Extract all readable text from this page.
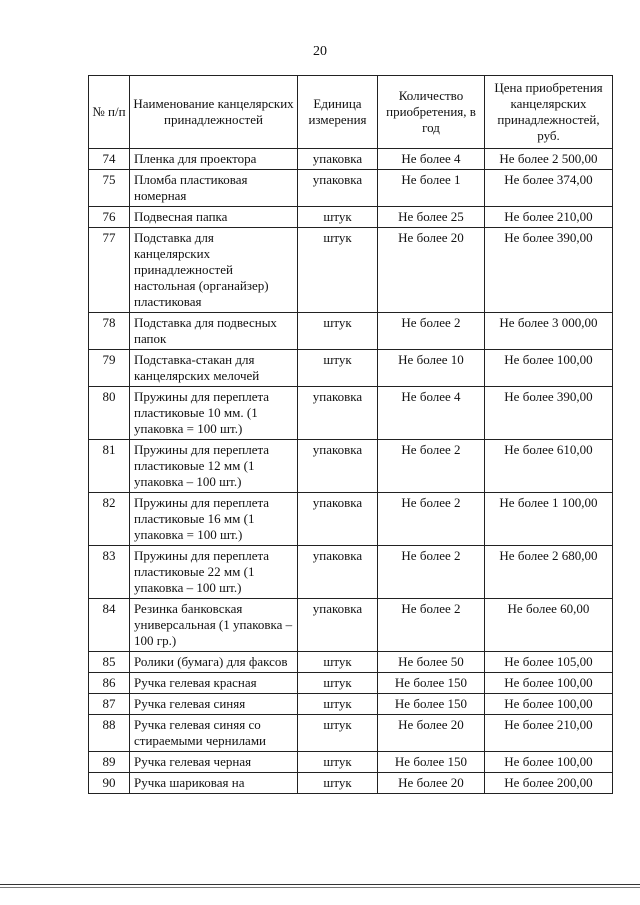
20
№ п/п	Наименование канцелярских принадлежностей	Единица измерения	Количество приобретения, в год	Цена приобретения канцелярских принадлежностей, руб.
74	Пленка для проектора	упаковка	Не более 4	Не более 2 500,00
75	Пломба пластиковая номерная	упаковка	Не более 1	Не более 374,00
76	Подвесная папка	штук	Не более 25	Не более 210,00
77	Подставка для канцелярских принадлежностей настольная (органайзер) пластиковая	штук	Не более 20	Не более 390,00
78	Подставка для подвесных папок	штук	Не более 2	Не более 3 000,00
79	Подставка-стакан для канцелярских мелочей	штук	Не более 10	Не более 100,00
80	Пружины для переплета пластиковые 10 мм. (1 упаковка = 100 шт.)	упаковка	Не более 4	Не более 390,00
81	Пружины для переплета пластиковые 12 мм (1 упаковка – 100 шт.)	упаковка	Не более 2	Не более 610,00
82	Пружины для переплета пластиковые 16 мм (1 упаковка = 100 шт.)	упаковка	Не более 2	Не более 1 100,00
83	Пружины для переплета пластиковые 22 мм (1 упаковка – 100 шт.)	упаковка	Не более 2	Не более 2 680,00
84	Резинка банковская универсальная (1 упаковка – 100 гр.)	упаковка	Не более 2	Не более 60,00
85	Ролики (бумага) для факсов	штук	Не более 50	Не более 105,00
86	Ручка гелевая красная	штук	Не более 150	Не более 100,00
87	Ручка гелевая синяя	штук	Не более 150	Не более 100,00
88	Ручка гелевая синяя со стираемыми чернилами	штук	Не более 20	Не более 210,00
89	Ручка гелевая черная	штук	Не более 150	Не более 100,00
90	Ручка шариковая на	штук	Не более 20	Не более 200,00
